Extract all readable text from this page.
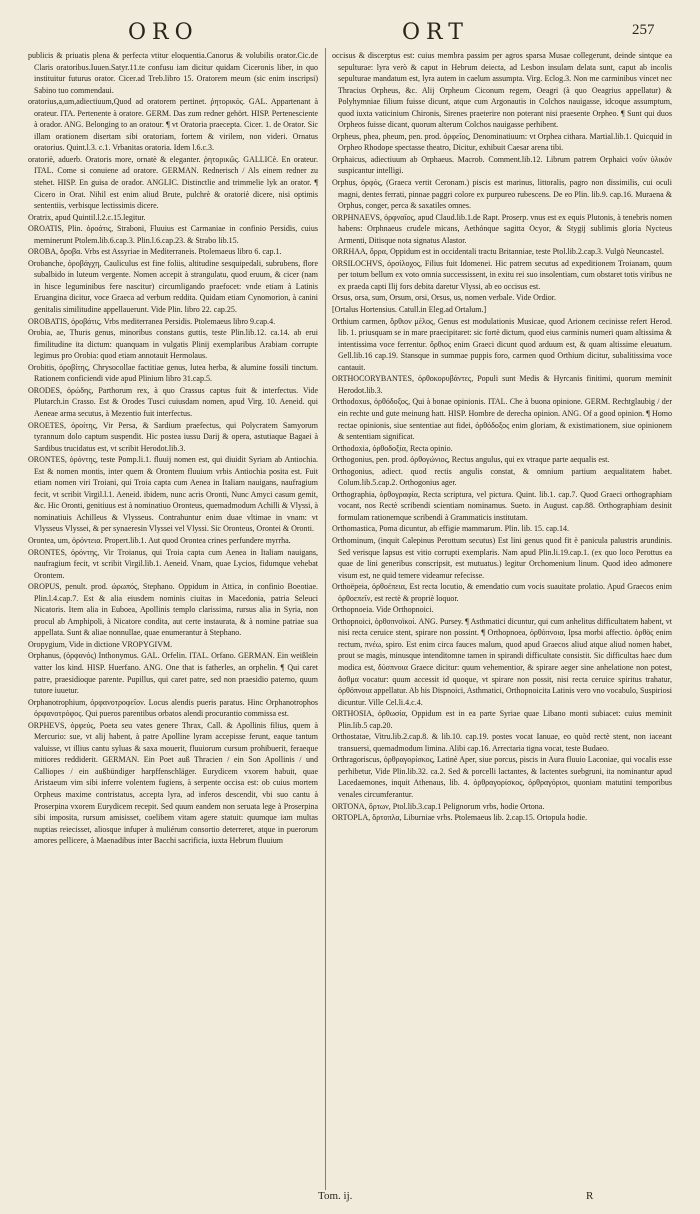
ORO	ORT	257

publicis & priuatis plena & perfecta vtitur eloquentia.Canorus & volubilis orator.Cic.de Claris oratoribus.Iuuen.Satyr.11.te confusu iam dicitur quidam Ciceronis liber, in quo instituitur futurus orator. Cicer.ad Treb.libro 15. Oratorem meum (sic enim inscripsi) Sabino tuo commendaui.

oratorius,a,um,adiectiuum,Quod ad oratorem pertinet. ῥητορικός. GAL. Appartenant à orateur. ITA. Pertenente à oratore. GERM. Das zum redner gehört. HISP. Pertenesciente à orador. ANG. Belonging to an oratour. ¶ vt Oratoria praecepta. Cicer. 1. de Orator. Sic illam orationem disertam sibi oratoriam, fortem & virilem, non videri. Ornatus oratorius. Quint.l.3. c.1. Vrbanitas oratoria. Idem l.6.c.3.

oratoriè, aduerb. Oratoris more, ornatè & eleganter. ῥητορικῶς. GALLICè. En orateur. ITAL. Come si conuiene ad oratore. GERMAN. Rednerisch / Als einem redner zu stehet. HISP. En guisa de orador. ANGLIC. Distinctlie and trimmelie lyk an orator. ¶ Cicero in Orat. Nihil est enim aliud Brute, pulchrè & oratoriè dicere, nisi optimis sententiis, verbisque lectissimis dicere.

Oratrix, apud Quintil.l.2.c.15.legitur.

OROATIS, Plin. ὀροάτις, Straboni, Fluuius est Carmaniae in confinio Persidis, cuius meminerunt Ptolem.lib.6.cap.3. Plin.l.6.cap.23. & Strabo lib.15.

OROBA, ὄροβα. Vrbs est Assyriae in Mediterraneis. Ptolemaeus libro 6. cap.1.

Orobanche, ὀροβάγχη, Cauliculus est fine foliis, altitudine sesquipedali, subrubens, flore subalbido in luteum vergente. Nomen accepit à strangulatu, quod eruum, & cicer (nam in hisce leguminibus fere nascitur) circumligando praefocet: vnde etiam à Latinis Eruangina dicitur, voce Graeca ad verbum reddita. Quidam etiam Cynomorion, à canini genitalis similitudine appellauerunt. Vide Plin. libro 22. cap.25.

OROBATIS, ὀροβάτις, Vrbs mediterranea Persidis. Ptolemaeus libro 9.cap.4.

Orobia, ae, Thuris genus, minoribus constans guttis, teste Plin.lib.12. ca.14. ab erui fimilitudine ita dictum: quanquam in vulgatis Plinij exemplaribus Arabiam corrupte legimus pro Orobia: quod etiam annotauit Hermolaus.

Orobitis, ὀροβίτης, Chrysocollae factitiae genus, lutea herba, & alumine fossili tinctum. Rationem conficiendi vide apud Plinium libro 31.cap.5.

ORODES, ὀρώδης, Parthorum rex, à quo Crassus captus fuit & interfectus. Vide Plutarch.in Crasso. Est & Orodes Tusci cuiusdam nomen, apud Virg. 10. Aeneid. qui Aeneae arma secutus, à Mezentio fuit interfectus.

OROETES, ὀροίτης, Vir Persa, & Sardium praefectus, qui Polycratem Samyorum tyrannum dolo captum suspendit. Hic postea iussu Darij & opera, astutiaque Bagaei à Sardibus trucidatus est, vt scribit Herodot.lib.3.

ORONTES, ὀρόντης, teste Pomp.li.1. fluuij nomen est, qui diuidit Syriam ab Antiochia. Est & nomen montis, inter quem & Orontem fluuium vrbis Antiochia posita est. Fuit etiam nomen viri Troiani, qui Troia capta cum Aenea in Italiam nauigans, naufragium fecit, vt scribit Virgil.l.1. Aeneid. ibidem, nunc acris Oronti, Nunc Amyci casum gemit, &c. Hic Oronti, genitiuus est à nominatiuo Oronteus, quemadmodum Achilli & Vlyssi, à nominatiuis Achilleus & Vlysseus. Contrahuntur enim duae vltimae in vnam: vt Vlysseus Vlyssei, & per synaeresin Vlyssei vel Vlyssi. Sic Oronteus, Orontei & Oronti.

Orontea, um, ὀρόντεια. Propert.lib.1. Aut quod Orontea crines perfundere myrrha.

ORONTES, ὀρόντης, Vir Troianus, qui Troia capta cum Aenea in Italiam nauigans, naufragium fecit, vt scribit Virgil.lib.1. Aeneid. Vnam, quae Lycios, fidumque vehebat Orontem.

OROPUS, penult. prod. ὠρωπός, Stephano. Oppidum in Attica, in confinio Boeotiae. Plin.l.4.cap.7. Est & alia eiusdem nominis ciuitas in Macedonia, patria Seleuci Nicatoris. Item alia in Euboea, Apollinis templo clarissima, rursus alia in Syria, non procul ab Amphipoli, à Nicatore condita, aut certe instaurata, & à nomine patriae sua appellata. Sunt & aliae nonnullae, quae enumerantur à Stephano.

Oropygium, Vide in dictione VROPYGIVM.

Orphanus, (ὀρφανός) Inthonymus. GAL. Orfelin. ITAL. Orfano. GERMAN. Ein weißlein vatter los kind. HISP. Huerfano. ANG. One that is fatherles, an orphelin. ¶ Qui caret patre, praesidioque parente. Pupillus, qui caret patre, sed non praesidio paterno, quum tutore iuuetur.

Orphanotrophium, ὀρφανοτροφεῖον. Locus alendis pueris paratus. Hinc Orphanotrophos ὀρφανοτρόφος. Qui pueros parentibus orbatos alendi procurantio commissa est.

ORPHEVS, ὀρφεύς, Poeta seu vates genere Thrax, Call. & Apollinis filius, quem à Mercurio: sue, vt alij habent, à patre Apolline lyram accepisse ferunt, eaque tantum valuisse, vt illius cantu syluas & saxa mouerit, fluuiorum cursum prohibuerit, feraeque mitiores reddiderit. GERMAN. Ein Poet auß Thracien / ein Son Apollinis / und Calliopes / ein außbündiger harpffenschläger. Eurydicem vxorem habuit, quae Aristaeum vim sibi inferre volentem fugiens, à serpente occisa est: ob cuius mortem Orpheus maxime contristatus, accepta lyra, ad inferos descendit, vbi suo cantu à Proserpina vxorem Eurydicem recepit. Sed quum eandem non seruata lege à Proserpina sibi imposita, rursum amisisset, coelibem vitam agere statuit: quumque iam multas nuptias reiecisset, aliosque infuper à muliérum consortio deterreret, atque in puerorum amores pellicere, à Maenadibus inter Bacchi sacrificia, iuxta Hebrum fluuium

occisus & discerptus est: cuius membra passim per agros sparsa Musae collegerunt, deinde sintque ea sepulturae: lyra verò & caput in Hebrum deiecta, ad Lesbon insulam delata sunt, caput ab incolis sepulturae mandatum est, lyra autem in caelum assumpta. Virg. Eclog.3. Non me carminibus vincet nec Thracius Orpheus, &c. Alij Orpheum Ciconum regem, Oeagri (à quo Oeagrius appellatur) & Polyhymniae filium fuisse dicunt, atque cum Argonautis in Colchos nauigasse, idcoque assumptum, quod iuxta vaticinium Chironis, Sirenes praeterire non poterant nisi praesente Orpheo. ¶ Sunt qui duos Orpheos fuisse dicant, quorum alterum Colchos nauigasse perhibent.

Orpheus, phea, pheum, pen. prod. ὀρφεῖος, Denominatiuum: vt Orphea cithara. Martial.lib.1. Quicquid in Orpheo Rhodope spectasse theatro, Dicitur, exhibuit Caesar arena tibi.

Orphaicus, adiectiuum ab Orphaeus. Macrob. Comment.lib.12. Librum patrem Orphaici νοῦν ὑλικόν suspicantur intelligi.

Orphus, ὀρφός, (Graeca vertit Ceronam.) piscis est marinus, littoralis, pagro non dissimilis, cui oculi magni, dentes ferrati, pinnae paggri colore ex purpureo rubescens. De eo Plin. lib.9. cap.16. Muraena & Orphus, conger, perca & saxatiles omnes.

ORPHNAEVS, ὀρφναῖος, apud Claud.lib.1.de Rapt. Proserp. vnus est ex equis Plutonis, à tenebris nomen habens: Orphnaeus crudele micans, Aethónque sagitta Ocyor, & Stygij sublimis gloria Nycteus Armenti, Ditisque nota signatus Alastor.

ORRHAA, ὄρρα, Oppidum est in occidentali tractu Britanniae, teste Ptol.lib.2.cap.3. Vulgò Neuncastel.

ORSILOCHVS, ὀρσίλοχος, Filius fuit Idomenei. Hic patrem secutus ad expeditionem Troianam, quum per totum bellum ex voto omnia successissent, in exitu rei suo insolentiam, cum obstaret totis viribus ne ex praeda capti Ilij fors debita daretur Vlyssi, ab eo occisus est.

Orsus, orsa, sum, Orsum, orsi, Orsus, us, nomen verbale. Vide Ordior.

[Ortalus Hortensius. Catull.in Eleg.ad Ortalum.]

Orthium carmen, ὄρθιον μέλος, Genus est modulationis Musicae, quod Arionem cecinisse refert Herod. lib. 1. priusquam se in mare praecipitaret: sic fortè dictum, quod eius carminis numeri quam altissima & intentissima voce ferrentur. ὄρθιος enim Graeci dicunt quod arduum est, & quam altissime eleuatum. Gell.lib.16 cap.19. Stansque in summae puppis foro, carmen quod Orthium dicitur, subalitissima voce cantauit.

ORTHOCORYBANTES, ὀρθοκορυβάντες, Populi sunt Medis & Hyrcanis finitimi, quorum meminit Herodot.lib.3.

Orthodoxus, ὀρθόδοξος, Qui à bonae opinionis. ITAL. Che à buona opinione. GERM. Rechtglaubig / der ein rechte und gute meinung hatt. HISP. Hombre de derecha opinion. ANG. Of a good opinion. ¶ Homo rectae opinionis, siue sententiae aut fidei, ὀρθόδοξος enim gloriam, & existimationem, siue opinionem & sententiam significat.

Orthodoxia, ὀρθοδοξία, Recta opinio.

Orthogonius, pen. prod. ὀρθογώνιος, Rectus angulus, qui ex vtraque parte aequalis est.

Orthogonius, adiect. quod rectis angulis constat, & omnium partium aequalitatem habet. Colum.lib.5.cap.2. Orthogonius ager.

Orthographia, ὀρθογραφία, Recta scriptura, vel pictura. Quint. lib.1. cap.7. Quod Graeci orthographiam vocant, nos Rectè scribendi scientiam nominamus. Sueto. in August. cap.88. Orthographiam desinit formulam rationemque scribendi à Grammaticis institutam.

Orthomastica, Poma dicuntur, ab effigie mammarum. Plin. lib. 15. cap.14.

Orthominum, (inquit Calepinus Perottum secutus) Est lini genus quod fit è panicula palustris arundinis. Sed verisque lapsus est vitio corrupti exemplaris. Nam apud Plin.li.19.cap.1. (ex quo loco Perottus ea quae de lini generibus conscripsit, est mutuatus.) legitur Orchomenium linum. Quod ideo admonere visum est, ne quid temere videamur refecisse.

Orthoëpeia, ὀρθοέπεια, Est recta locutio, & emendatio cum vocis suauitate prolatio. Apud Graecos enim ὀρθοεπεῖν, est rectè & propriè loquor.

Orthopnoeia. Vide Orthopnoici.

Orthopnoici, ὀρθοπνοϊκοί. ANG. Pursey. ¶ Asthmatici dicuntur, qui cum anhelitus difficultatem habent, vt nisi recta ceruice stent, spirare non possint. ¶ Orthopnoea, ὀρθόπνοια, Ipsa morbi affectio. ὀρθὸς enim rectum, πνέω, spiro. Est enim circa fauces malum, quod apud Graecos aliud atque aliud nomen habet, prout se magis, minusque intenditomne tamen in spirandi difficultate consistit. Sic difficultas haec dum modica est, δύσπνοια Graece dicitur: quum vehementior, & spirare aeger sine anhelatione non potest, ἄσθμα vocatur: quum accessit id quoque, vt spirare non possit, nisi recta ceruice spiritus trahatur, ὀρθόπνοια appellatur. Ab his Dispnoici, Asthmatici, Orthopnoicita Latinis vero vno vocabulo, Suspiriosi dicuntur. Ville Cel.li.4.c.4.

ORTHOSIA, ὀρθωσία, Oppidum est in ea parte Syriae quae Libano monti subiacet: cuius meminit Plin.lib.5 cap.20.

Orthostatae, Vitru.lib.2.cap.8. & lib.10. cap.19. postes vocat Ianuae, eo quòd rectè stent, non iaceant transuersi, quemadmodum limina. Alibi cap.16. Arrectaria tigna vocat, teste Budaeo.

Orthragoriscus, ὀρθραγορίσκος, Latinè Aper, siue porcus, piscis in Aura fluuio Laconiae, qui vocalis esse perhibetur, Vide Plin.lib.32. ca.2. Sed & porcelli lactantes, & lactentes suebgruni, ita nominantur apud Lacedaemones, inquit Athenaus, lib. 4. ὀρθραγορίσκος, ὀρθραγόριοι, quoniam matutini temporibus venales circumferantur.

ORTONA, ὄρτων, Ptol.lib.3.cap.1 Pelignorum vrbs, hodie Ortona.

ORTOPLA, ὄρτοπλα, Liburniae vrbs. Ptolemaeus lib. 2.cap.15. Ortopula hodie.

Tom. ij.	R
